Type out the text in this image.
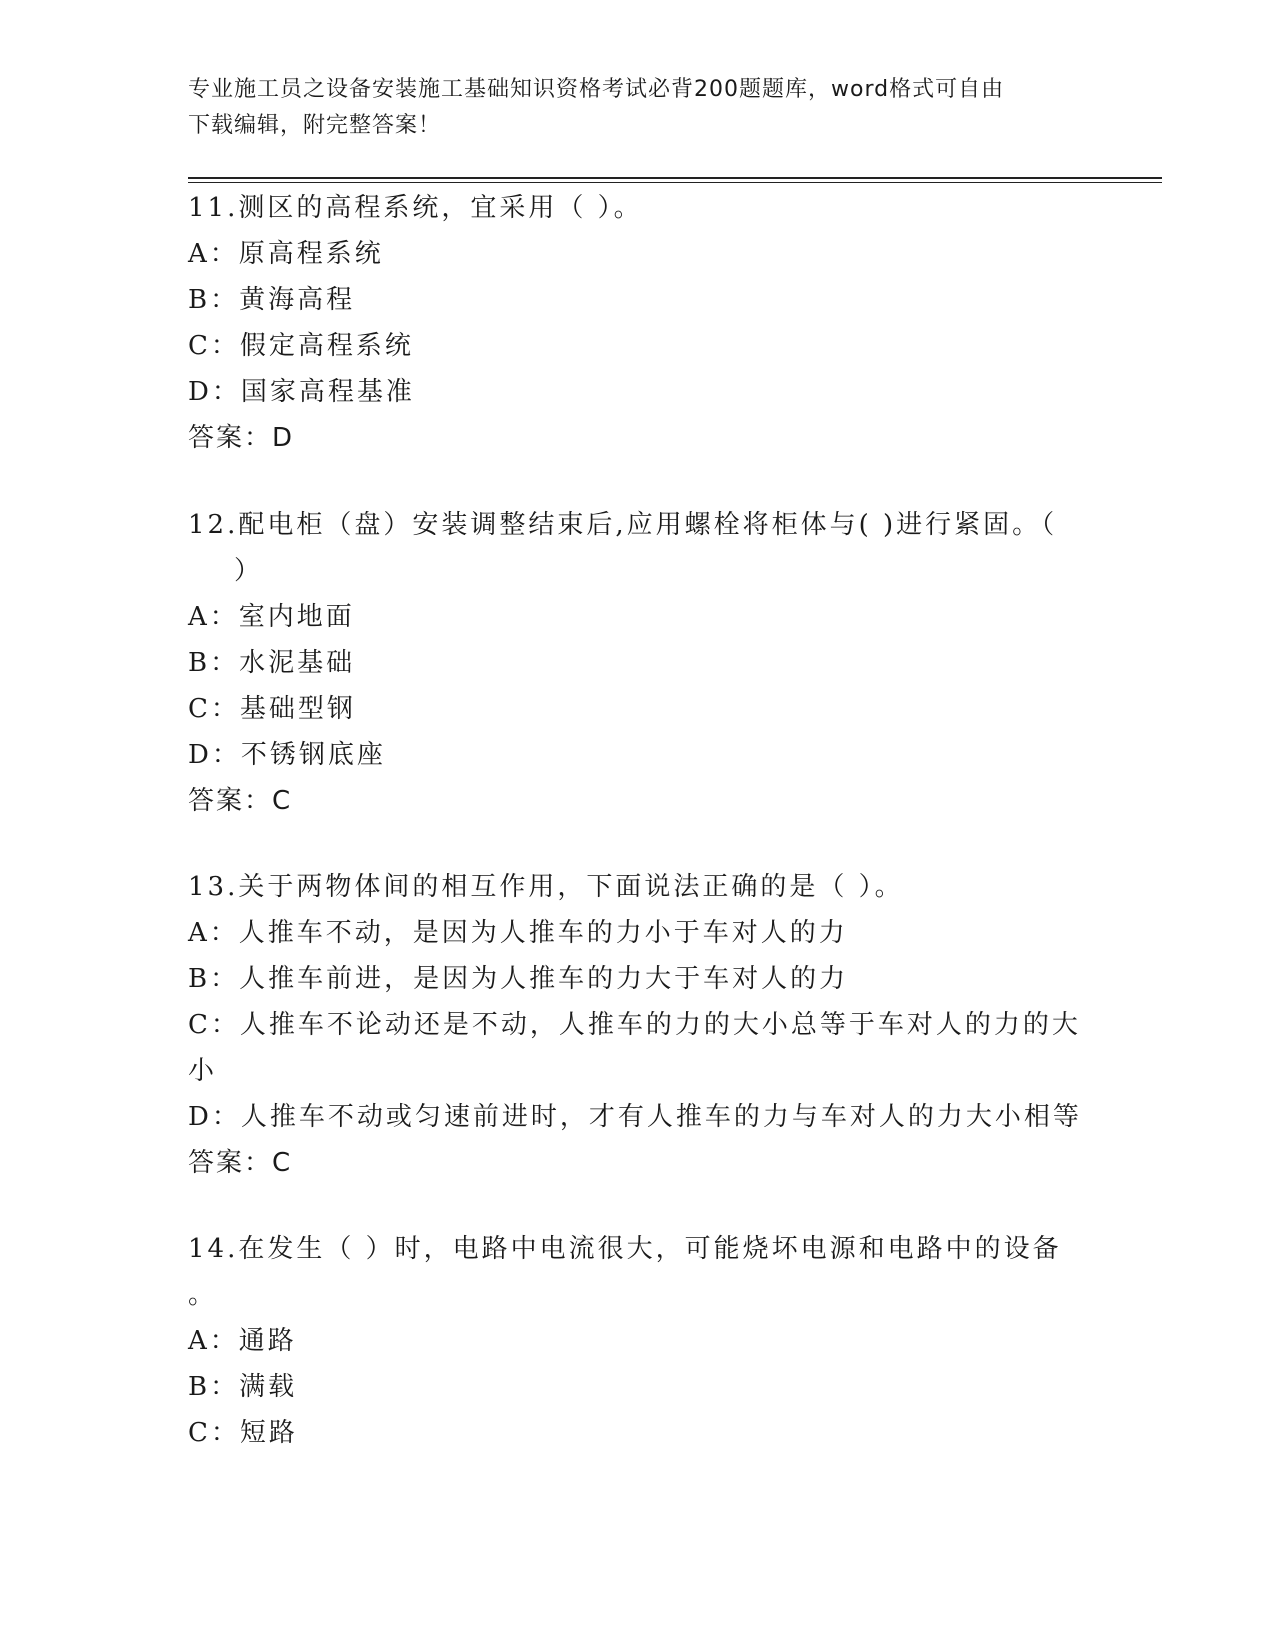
专业施工员之设备安装施工基础知识资格考试必背200题题库，word格式可自由
下载编辑，附完整答案！
11.测区的高程系统，宜采用（ ）。
A：原高程系统
B：黄海高程
C：假定高程系统
D：国家高程基准
答案：D
12.配电柜（盘）安装调整结束后,应用螺栓将柜体与( )进行紧固。（
）
A：室内地面
B：水泥基础
C：基础型钢
D：不锈钢底座
答案：C
13.关于两物体间的相互作用，下面说法正确的是（ ）。
A：人推车不动，是因为人推车的力小于车对人的力
B：人推车前进，是因为人推车的力大于车对人的力
C：人推车不论动还是不动，人推车的力的大小总等于车对人的力的大
小
D：人推车不动或匀速前进时，才有人推车的力与车对人的力大小相等
答案：C
14.在发生（ ）时，电路中电流很大，可能烧坏电源和电路中的设备
。
A：通路
B：满载
C：短路
